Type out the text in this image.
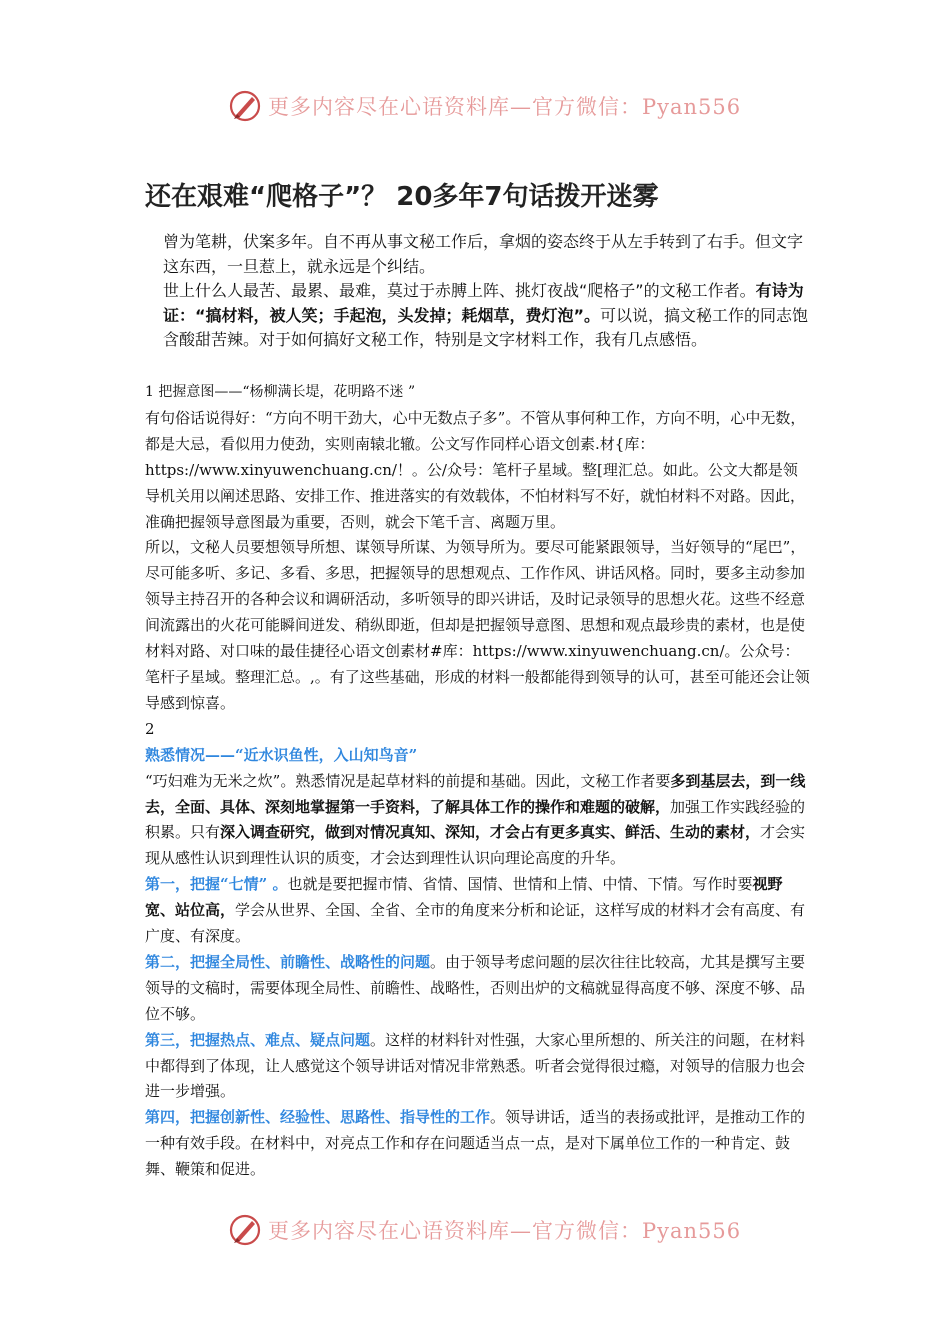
更多内容尽在心语资料库—官方微信：Pyan556
还在艰难“爬格子”？ 20多年7句话拨开迷雾

曾为笔耕，伏案多年。自不再从事文秘工作后，拿烟的姿态终于从左手转到了右手。但文字这东西，一旦惹上，就永远是个纠结。

世上什么人最苦、最累、最难，莫过于赤膊上阵、挑灯夜战“爬格子”的文秘工作者。有诗为证：“搞材料，被人笑；手起泡，头发掉；耗烟草，费灯泡”。可以说，搞文秘工作的同志饱含酸甜苦辣。对于如何搞好文秘工作，特别是文字材料工作，我有几点感悟。

1 把握意图——“杨柳满长堤，花明路不迷 ”

有句俗话说得好：“方向不明干劲大，心中无数点子多”。不管从事何种工作，方向不明，心中无数，都是大忌，看似用力使劲，实则南辕北辙。公文写作同样心语文创素.材{库：https://www.xinyuwenchuang.cn/！。公/众号：笔杆子星域。整[理汇总。如此。公文大都是领导机关用以阐述思路、安排工作、推进落实的有效载体，不怕材料写不好，就怕材料不对路。因此，准确把握领导意图最为重要，否则，就会下笔千言、离题万里。

所以，文秘人员要想领导所想、谋领导所谋、为领导所为。要尽可能紧跟领导，当好领导的“尾巴”，尽可能多听、多记、多看、多思，把握领导的思想观点、工作作风、讲话风格。同时，要多主动参加领导主持召开的各种会议和调研活动，多听领导的即兴讲话，及时记录领导的思想火花。这些不经意间流露出的火花可能瞬间迸发、稍纵即逝，但却是把握领导意图、思想和观点最珍贵的素材，也是使材料对路、对口味的最佳捷径心语文创素材#库：https://www.xinyuwenchuang.cn/。公众号：笔杆子星域。整理汇总。,。有了这些基础，形成的材料一般都能得到领导的认可，甚至可能还会让领导感到惊喜。

2

熟悉情况——“近水识鱼性，入山知鸟音”

“巧妇难为无米之炊”。熟悉情况是起草材料的前提和基础。因此，文秘工作者要多到基层去，到一线去，全面、具体、深刻地掌握第一手资料，了解具体工作的操作和难题的破解，加强工作实践经验的积累。只有深入调查研究，做到对情况真知、深知，才会占有更多真实、鲜活、生动的素材，才会实现从感性认识到理性认识的质变，才会达到理性认识向理论高度的升华。

第一，把握“七情” 。也就是要把握市情、省情、国情、世情和上情、中情、下情。写作时要视野宽、站位高，学会从世界、全国、全省、全市的角度来分析和论证，这样写成的材料才会有高度、有广度、有深度。

第二，把握全局性、前瞻性、战略性的问题。由于领导考虑问题的层次往往比较高，尤其是撰写主要领导的文稿时，需要体现全局性、前瞻性、战略性，否则出炉的文稿就显得高度不够、深度不够、品位不够。

第三，把握热点、难点、疑点问题。这样的材料针对性强，大家心里所想的、所关注的问题，在材料中都得到了体现，让人感觉这个领导讲话对情况非常熟悉。听者会觉得很过瘾，对领导的信服力也会进一步增强。

第四，把握创新性、经验性、思路性、指导性的工作。领导讲话，适当的表扬或批评，是推动工作的一种有效手段。在材料中，对亮点工作和存在问题适当点一点，是对下属单位工作的一种肯定、鼓舞、鞭策和促进。

更多内容尽在心语资料库—官方微信：Pyan556
